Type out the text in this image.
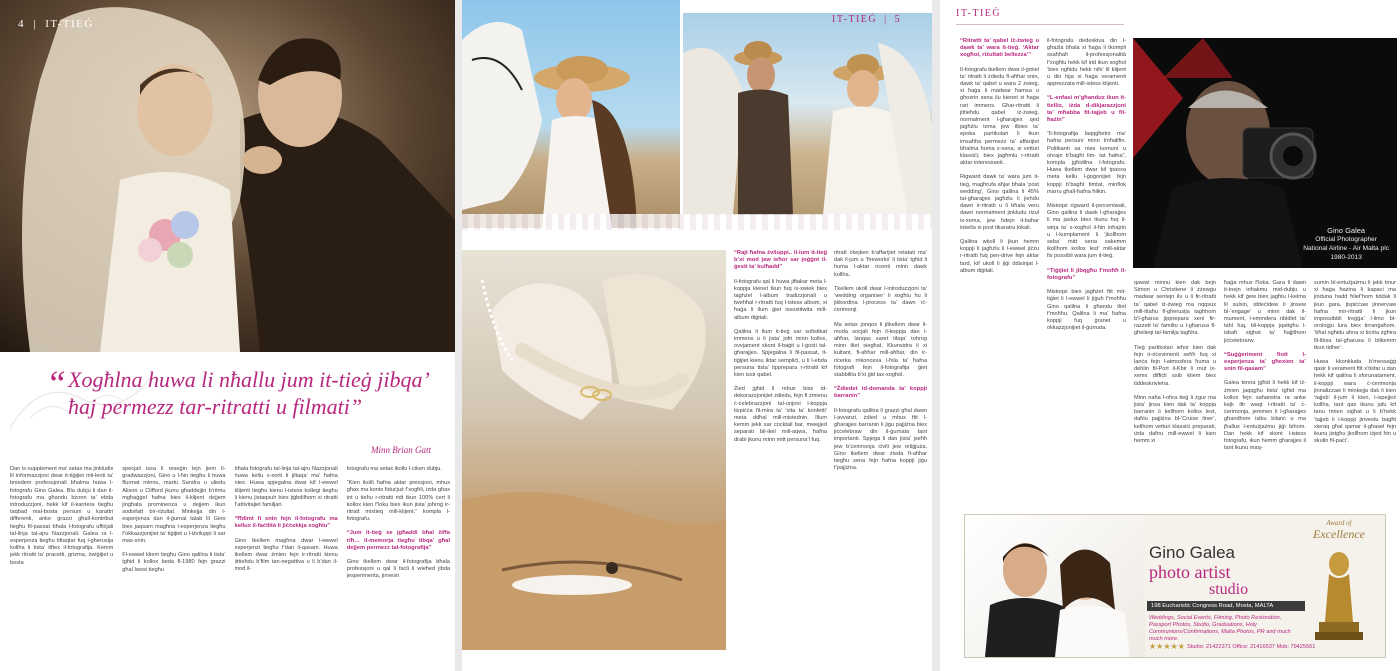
4 | IT-TIEĠ
“ Xogħlna huwa li nħallu jum it-tieġ jibqa’ ħaj permezz tar-ritratti u filmati”
Minn Brian Gatt

Dan is-supplement ma’ setax ma jinkludix lil informazzjoni dwar it-tiġijiet mil-lenti ta’ bniedem professjonali bħalma huwa l-fotografu Gino Galea. Bla dubju li dan il-fotografu ma għandu bżonn ta’ ebda introduzzjoni, hekk kif il-karriera tiegħu taqbad mal-bosta persuni u karattri differenti, anke grazzi għall-kontribut tiegħu fil-passat bħala l-fotografu uffiċjali tal-linja tal-ajru Nazzjonali. Galea ra l-esperjenza tiegħu tittaqtar fuq l-għerusija kollha li tista’ tiftex il-fotografija. Kemm jekk ritratti ta’ pracetti, grizma, żwiġijiet u bosta

speċjali issa li reseġin lejn jiem il-gradwazzjoni, Gino u l-ħin tiegħu li huwa ffurmat minnu, martu Sandra u uliedu Alison u Clifford jkunu għaddejjin b’ritmu mgħaġġel ħafna biex il-klijent dejjem jingħata prominenza u dejjem ikun sodisfatt bir-riżultat. Minkejja din l-esperjenza dan il-ġurnal talab lil Gino biex jaqsam magħna l-esperjenza tiegħu f’okkazzjonijiet ta’ tiġijiet u l-iżviluppi li sar mas-snin.

Fl-ewwel kliem tiegħu Gino qalilna li tista’ tgħid li kollox beda fl-1980 fejn grazzi għal Iwosi tiegħu

bħala fotografu tal-linja tal-ajru Nazzjonali huwa kellu x-xorti li jiltaqa’ ma’ ħafna nies. Huwa spjegalna dwar kif l-ewwel klijenti tiegħu kienu l-istess kollegi tiegħu li kienu jistaqsuh biex jiġbdilhom xi ritratti f’attivitajiet familjari.

“Ħdimt fi snin fejn il-fotografu ma kellux il-faċilità li jiċċekkja xogħlu”

Gino tkellem magħna dwar l-ewwel esperjenzi tiegħu f’dan il-qasam. Huwa tkellem dwar żmien fejn ir-ritratti kienu jittieħdu b’film tan-negattiva u li b’dan il-mod il-

fotografu ma setax ikollu l-ċiken dubju.

“Kien ikolli ħafna aktar pressjoni, mhux għax ma kontx fiduċjuż f’xogħli, izda għax int u tieħu r-ritratti ridt tkun 100% ċert li kollox kien f’loku biex ikun jista’ joħroġ ir-ritratt mixtieq mill-klijent.” kompla l-fotografu.

“Jum it-tieġ se jgħaddi bħal żiffa riħ… il-memorja tiegħu tibqa’ għal dejjem permezz tal-fotografija”

Gino tkellem dwar il-fotografija bħala professjoni u qal li facli li wieħed jibda jesperimenta, jinvesti

IT-TIEĠ | 5

“Rajt ħafna żviluppi.. il-lum it-tieġ b’xi mod jew ieħor sar joġġot il-ġesti ta’ kulħadd”

Il-fotografu qal li huwa jiftakar meta l-koppja kienet tkun fuq ix-xwiek biex taghżel l-album tradizzjonali u tweħħal r-ritratti fuq l-istess album, xi ħaġa li llum ġiet issostitwita mill-album diġitali.

Qalilna li llum it-tieġ sar sofistikat immens u li jista’ jofri minn kollox, ovvjament skont il-baġit u l-ġosti tal-għarajjes. Spjegalna li fil-passat, it-tiġijiet kienu iktar sempliċi, u li l-ebda persuna tista’ tipprepara r-ritratti kif kien issir qabel.

Żied jgħid li mhux biss id-dekorazzjonijiet żdiedu, fejn fi żmienu ċ-ċelebrazzjoni tal-unjoni l-koppja tispiċċa fil-mira ta’ ‘xita ta’ konfetti’ meta ddħal mill-mistednin. Illum kemm jekk sar cocktail bar, mwejjed separati bil-ikel mill-aqwa, ħafna drabi jkunu minn mitt persuna’l fuq.

ritratt ċkejken b’affarijiet relatati ma’ dak il-jum u ‘fireworks’ li tista’ tgħid li huma l-aktar ricenti minn dawk kollha.

Tkellem ukoll dwar l-introduzzjoni ta’ ‘wedding organiser’ li xogħlu hu li jikkordina l-process ta’ dawn iċ-ċerimonji.

Ma setax jonqos li jitkellem dwar il-moda soċjali fejn il-koppja dan l-aħħar, lanqas saret tibqa’ tohrog minn tliet siegħat. Kkunsidra li xi kultant, fl-aħħar mill-aħħar, din ir-riċerka rrikonoxxa l-ħila ta’ ħafna fotografi fejn il-fotografija ġiet stabbilita b’xi ġid tax-xogħol.

“Żdiedet id-domanda ta’ koppji barranin”

Il-fotografu qalilna li grazzi għal dawn l-avvanzi, żdied u mhux ftit l-għarajjes barranin li jiġu pajjiżna biex jiċċelebraw din il-ġurnata tant importanti. Spjega li dan jista’ jseħħ jew b’ċerimonja ċivili jew reliġjuża. Gino tkellem dwar żieda fl-aħħar tiegħu sena fejn ħafna koppji jiġu f’pajjiżna.

IT-TIEĠ

“Ritratti ta’ qabel iż-żwieġ u dawk ta’ wara it-tieġ. ‘Aktar xogħol, riżultati bellezza’”

Il-fotografu tkellem dwar il-ġmiel ta’ ritratti li żdiedu fl-aħħar snin, dawk ta’ qabel u wara 2 żwieġ, xi ħaġa li madwar ħamsa u għoxrin sena ilu kienet xi ħaġa rari immens. Għar-ritratti li jittieħdu qabel iż-żwieġ, normalment l-għarajjes qed jagħżlu tema jew ilbies ta’ epoka partikolari li tkun imsaħħa permezz ta’ affarijiet bħalma huma x-xena, xi vetturi klassiċi, biex jagħmlu r-ritratti aktar interessanti.

Rigward dawk ta’ wara jum it-tieġ, magħrufa aħjar bħala ‘post wedding’, Gino qalilna li 45% tal-għarajjes jagħżlu li jiehdu dawn ir-ritratti u li bħala veru dawn normalment jinkludu rizul ix-xema, jew ħdejn il-baħar inkella xi post tikaratru lokali.

Qalilna wkoll li jkun hemm koppji li jagħżlu li l-ewwel jiżżu r-ritratti fuq pen-drive fejn aktar tard, kif ukoll li jiġi ddisinjat l-album diġitali.

il-fotografu dedeskiva din l-għażla bħala xi ħaġa li tkompli ssaħħaħ il-professjonalità f’xogħlu hekk kif irid ikun xogħol ‘biex ngħidu hekk nifs’ lil klijent u din hija xi ħaġa veramenti apprezzata mill-istess klijenti.

“L-enfasi m’għandux ikun it-tiellix, iżda d-dikjarazzjoni ta’ mħabba fit-tajjeb u fil-ħażin”

“Il-fotografija laqqgħetni ma’ ħafna persuni minn lmħallfin. Politkanti sa nies komuni u ohrajn b’bagħt lim- tat ħafna”, kompla jgħidilna l-fotografu. Huwa tkellem dwar kif tpaxxa meta kellu l-ġoġonijiet fejn koppji b’bagħt timtat, minflok marru għall-ħafna ħilkin.

Mistoqsi rigward il-percentwali, Gino qalilna li dawk l-għarajjes li ma jaslux biex ikunu fuq il-wirja ta’ x-xogħol il-ħin inħajrin u l-kumplament li ‘jkollhom seba’ mitt sena sakemm ikollhom kollox lest’ mill-aktar fis possibli wara jum it-tieġ.

“Tiġijiet li jibqgħu f’moħħ il-fotografu”

Mistoqsi biex jagħżel ftit mit-tiġiet li l-ewwel li jiġuh f’moħħu Gino qalilna li għandu tliet f’moħħu. Qalilna li ma’ ħafna koppji fuq ġranet u okkazzjonijiet il-ġurnata.

Gino Galea
Official Photographer
National Airline - Air Malta plc
1980-2013

qawwi minnu kien dak bejn Simon u Christiene li żżewġu madwar sentejn ilu u li fir-ritratti ta’ qabel iż-żwieġ ma nqqsux mill-ittaħu fl-għerusija tagħhom b’l-għarus jipprepara xeni fir-razzett ta’ familtu u l-għarusa fl-għelieqi tal-familja tagħha.

Tieġ partikolari ieħor kien dak fejn ir-riċevimenti seħħ fuq xi lanċa fejn l-atmosfera ħuma u dehlin fil-Port il-Kbir li rnut ix-xemx diffiċli ssib kliem biex tiddeskrivieha.

Minn naħa l-oħra tieġ li żgur ma jista’ jinsa kien dak ta’ koppja barranin li kellhom kollox lest, daħlu pajjiżna bl-‘Cruise liner’, kellhom vetturi klassiċi preparati, iżda daħru mill-ewwel li kien hemm xi

ħaġa mhux f’loka. Gara li dawn it-tnejn inħakmu mid-dubju u hekk kif ġew biex jagħtu l-kelma lil xulxin, iddeċidew li jinsew bl-‘engage’ u minn dak il-mument, l-emmdera nbidlet ta’ tahl fuq, bil-koppja jqattgħu l-isbaħ sighat ta’ ħajjithom jiċċelebrarw.

“Suġġeriment fiott l-esperjenza ta’ għexien ta’ snin fil-qasam”

Galea tenna jgħid li hekk kif iż-żmien jaqqgħu tista’ tgħid ma kollox fejn saħanstra ra anke kejk ifir waqt l-ritratti ta’ ċ-ċerimonja, jemmen li l-għarajjes għandhom isibu bilanċ u ma jħallux l-entużjażmu jiġi bihom. Dan hekk kif skont l-istess fotografu, ikun hemm għarajjes li tant ikunu maq-

sumin bl-entużjażmu li jekk tmur xi ħaġa ħażina li kapaci ma jinduna hadd ħlief’hom tiddak li jkun gara, jispiċċaw jinnervaw ħafna mir-ritratti li jkun impossibbli treġġa’ l-ilmo bl-orologju lura biex tirranġaħom. ‘bħal ngħidu aħna xi ticrita żgħira fil-libsa tal-għarusa li bilkemm tkun tidher’.

Huwa kkonkluda b’messaġġ qasir li verament ftit x’tisfar u dan hekk kif qalilna li sforunatament, il-koppji wara ċ-ċerimonja jinnalizzaw li minkejja dak li kien ‘tajjeb’ il-jum li kien, l-ispejjeż kollha, tant qas ikunu jafu kif tanu tmien sigħat u li b’hekk ‘tajjeb li l-koppji jinvestu bagħt xieraq għal qamar il-għasel fejn ikunu jistgħu jkollhom iżjed ħin u skulin fil-paċi’.

Gino Galea
photo artist
studio
Award of
Excellence
198 Eucharistic Congress Road, Mosta, MALTA
Weddings, Social Events, Filming, Photo Restoration, Passport Photos, Studio, Graduations, Holy Communions/Confirmations, Malta Photos, PR and much much more.
★★★★★ Studio: 21422371 Office: 21416537 Mob: 79425561
